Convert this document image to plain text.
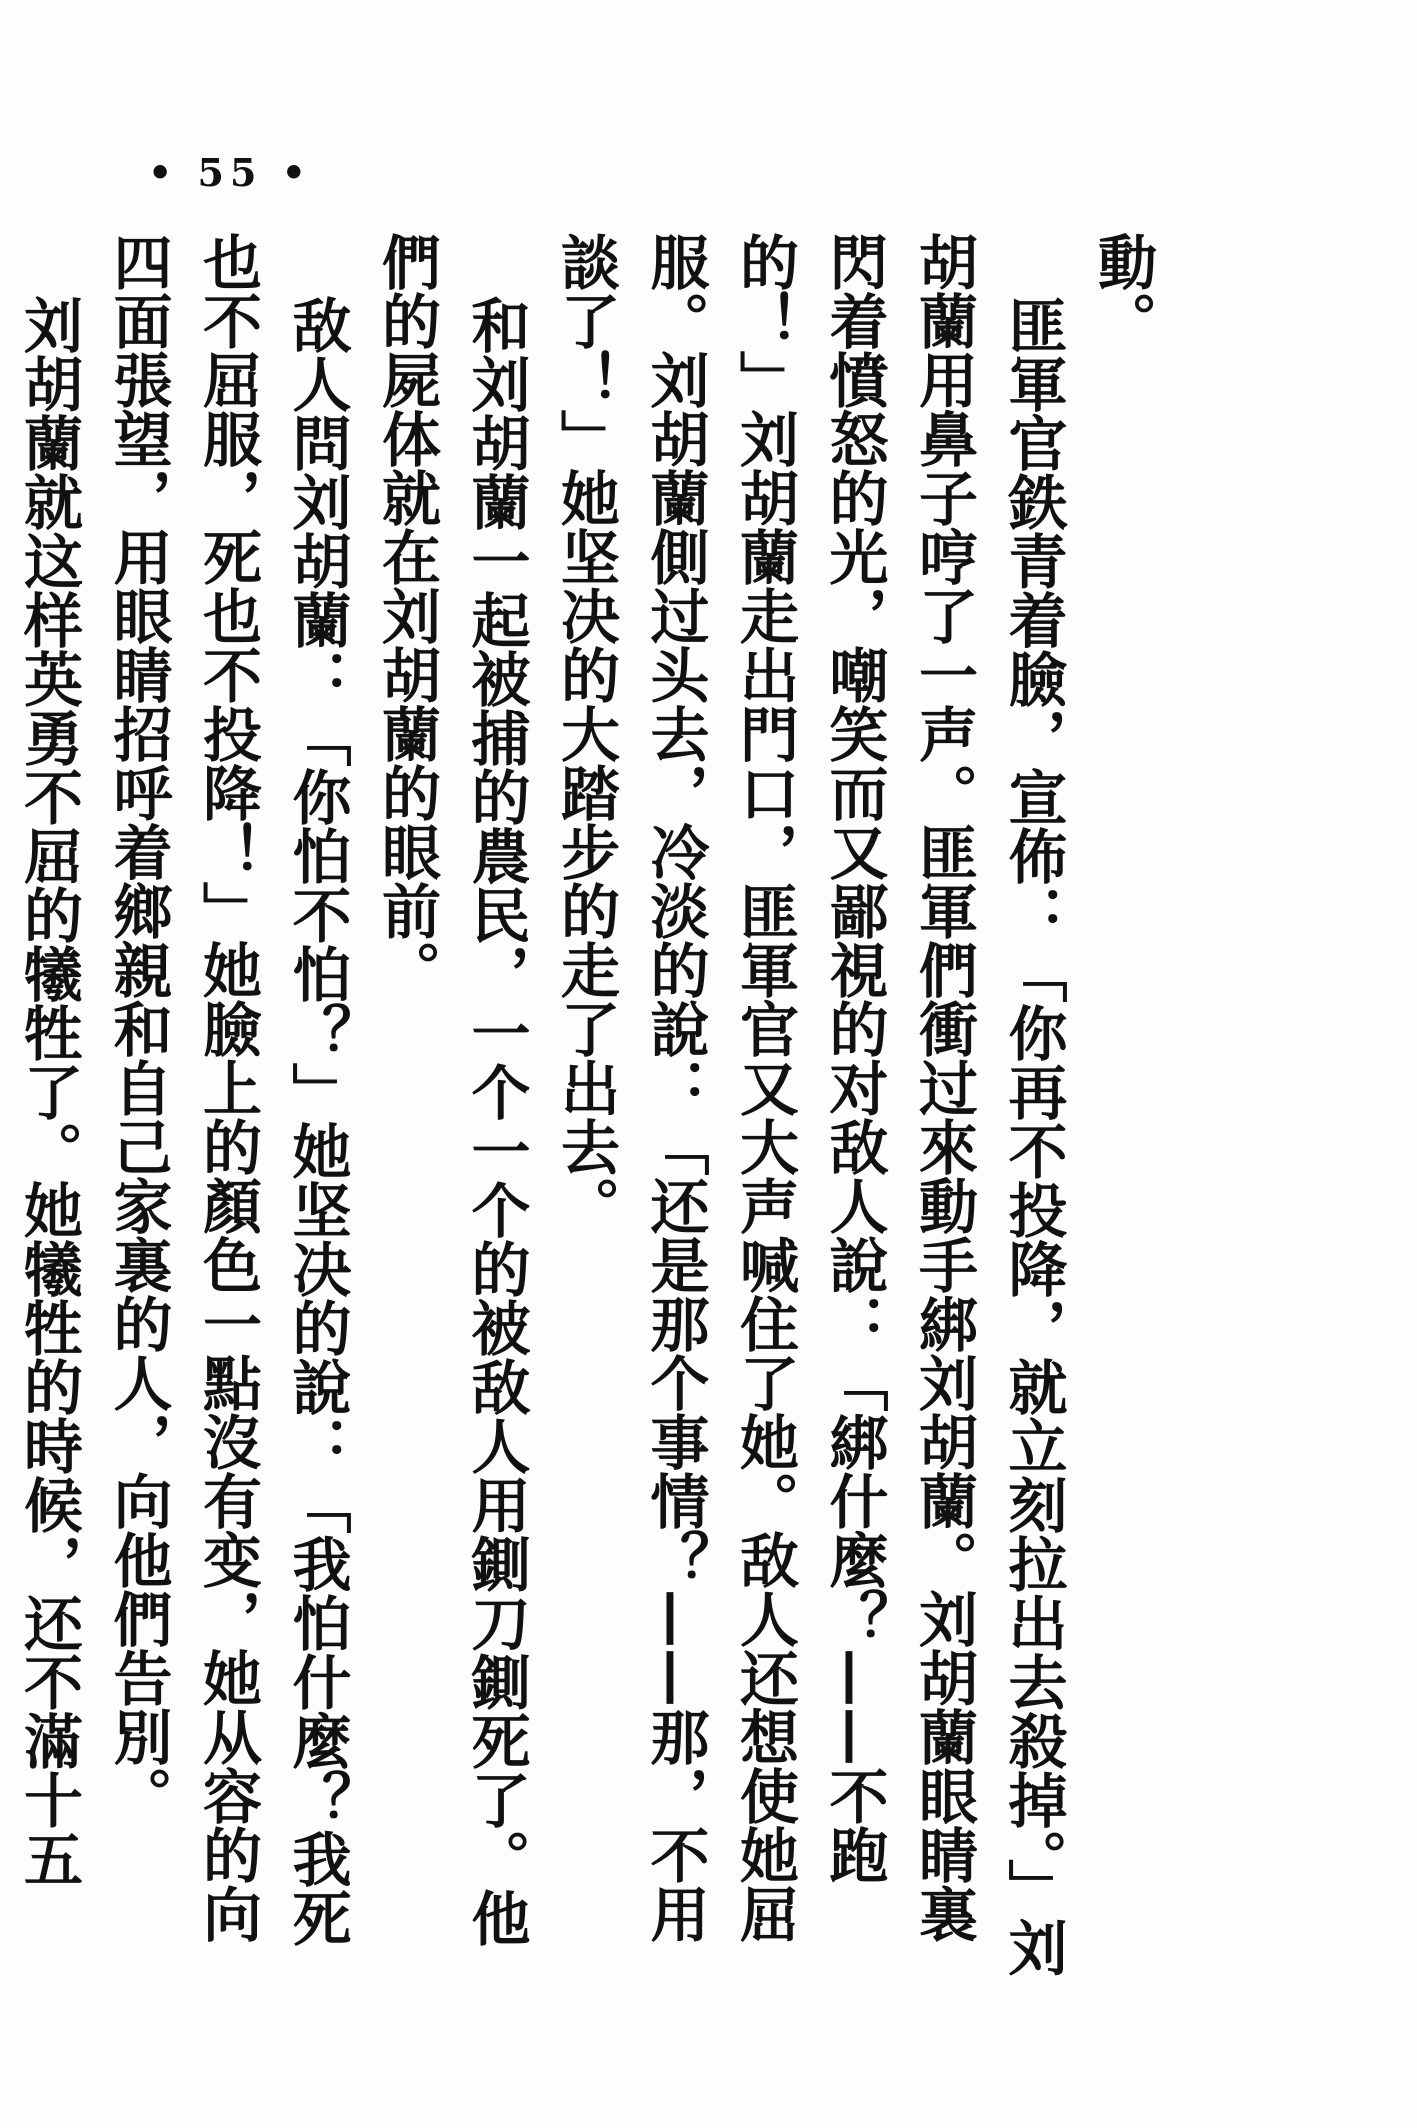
• 55 •

動。

匪軍官鉄青着臉，宣佈：「你再不投降，就立刻拉出去殺掉。」刘胡蘭用鼻子哼了一声。匪軍們衝过來動手綁刘胡蘭。刘胡蘭眼睛裏閃着憤怒的光，嘲笑而又鄙視的对敌人說：「綁什麼？——不跑的！」刘胡蘭走出門口，匪軍官又大声喊住了她。敌人还想使她屈服。刘胡蘭側过头去，冷淡的說：「还是那个事情？——那，不用談了！」她坚决的大踏步的走了出去。

和刘胡蘭一起被捕的農民，一个一个的被敌人用鍘刀鍘死了。他們的屍体就在刘胡蘭的眼前。

敌人問刘胡蘭：「你怕不怕？」她坚决的說：「我怕什麼？我死也不屈服，死也不投降！」她臉上的顏色一點沒有变，她从容的向四面張望，用眼睛招呼着鄉親和自己家裏的人，向他們告別。

刘胡蘭就这样英勇不屈的犧牲了。她犧牲的時候，还不滿十五
